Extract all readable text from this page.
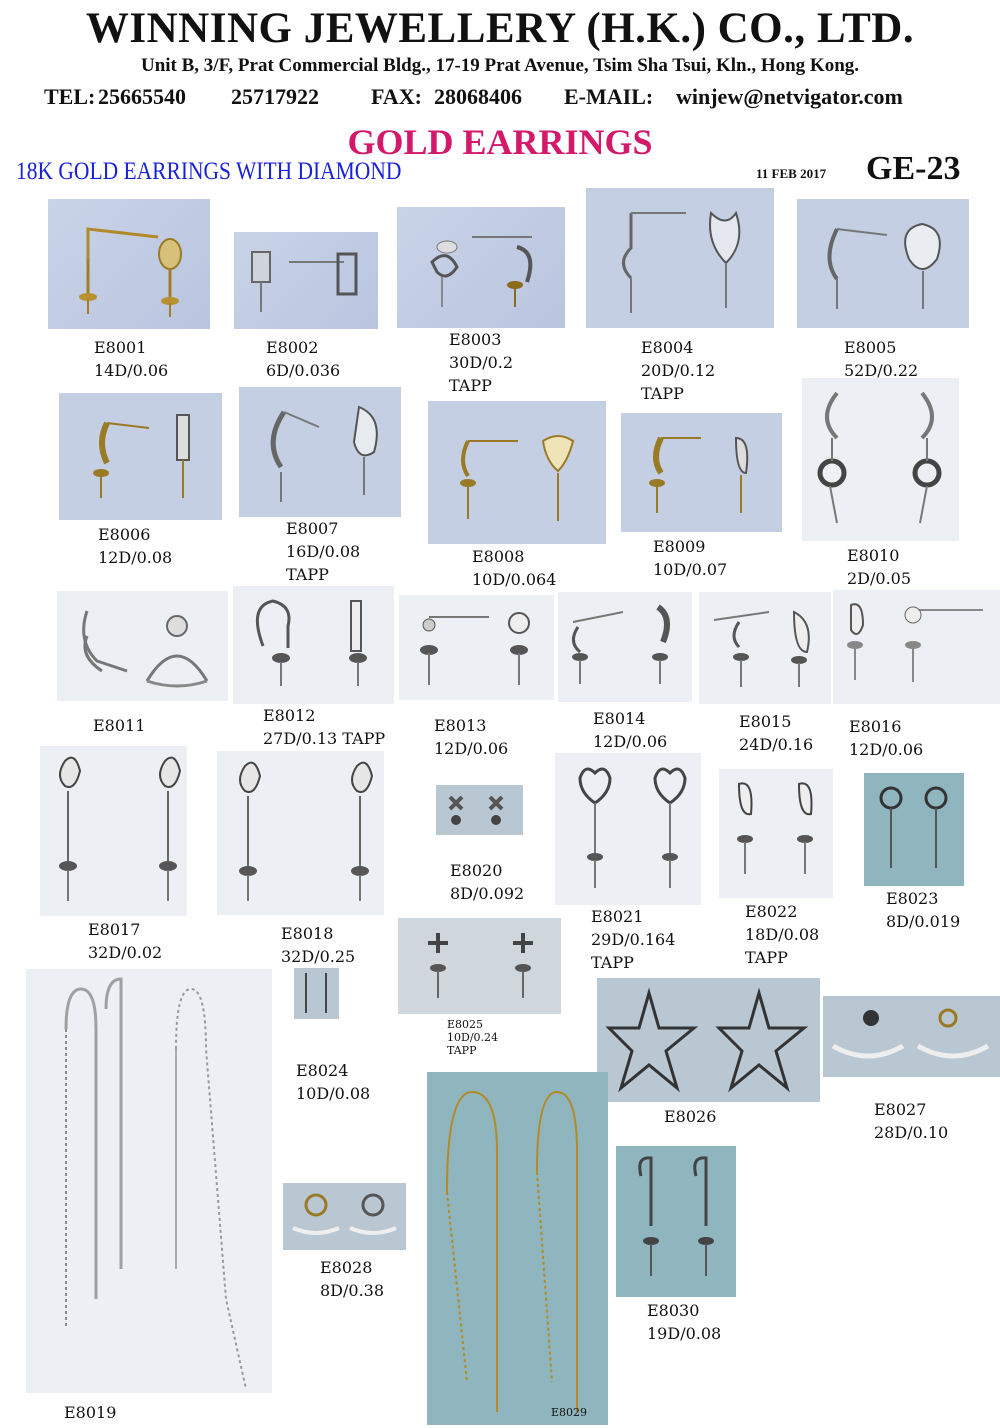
WINNING JEWELLERY (H.K.) CO., LTD.
Unit B, 3/F, Prat Commercial Bldg., 17-19 Prat Avenue, Tsim Sha Tsui, Kln., Hong Kong.
TEL: 25665540 25717922 FAX: 28068406 E-MAIL: winjew@netvigator.com
GOLD EARRINGS
18K GOLD EARRINGS WITH DIAMOND	11 FEB 2017 GE-23
E8001
14D/0.06
E8002
6D/0.036
E8003
30D/0.2
TAPP
E8004
20D/0.12
TAPP
E8005
52D/0.22
E8006
12D/0.08
E8007
16D/0.08
TAPP
E8008
10D/0.064
E8009
10D/0.07
E8010
2D/0.05
E8011
E8012
27D/0.13 TAPP
E8013
12D/0.06
E8014
12D/0.06
E8015
24D/0.16
E8016
12D/0.06
E8017
32D/0.02
E8018
32D/0.25
E8020
8D/0.092
E8021
29D/0.164
TAPP
E8022
18D/0.08
TAPP
E8023
8D/0.019
E8024
10D/0.08
E8025
10D/0.24
TAPP
E8026	E8027
28D/0.10
E8028
8D/0.38
E8030
19D/0.08
E8019	E8029
